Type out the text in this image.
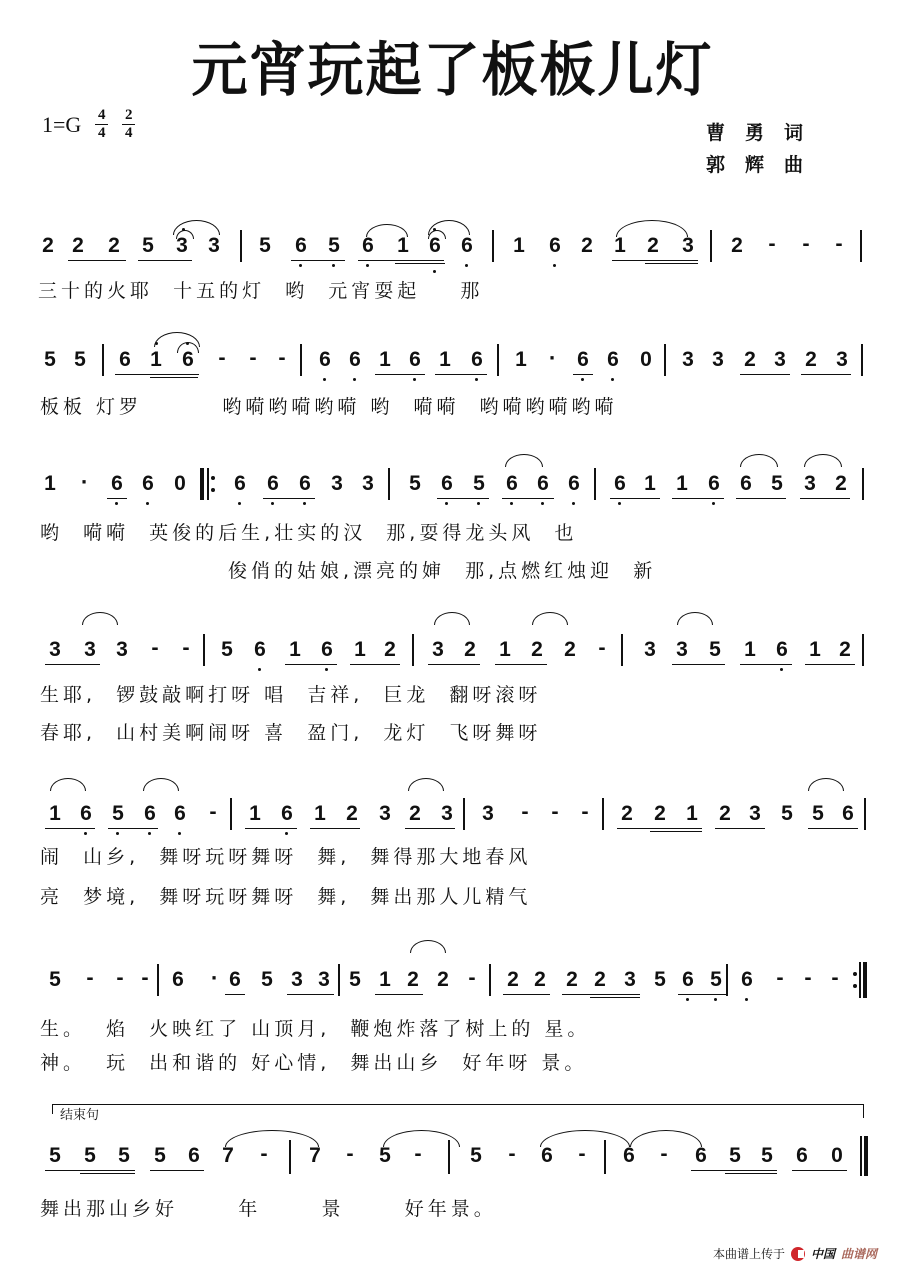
元宵玩起了板板儿灯
$1=G \frac{4}{4} \frac{2}{4}$	曹勇词
郭辉曲
2 2 2 5 3 3 5 6 5 6 1 6 6 1 6 2 1 2 3 2	-	-	-
三十的火耶  十五的灯  哟  元宵耍起    那
5 5 6 1 6	-	-	- 6 6 1 6 1 6 1	·	6 6 0 3 3 2 3 2 3
板板 灯罗        哟嗬哟嗬哟嗬 哟  嗬嗬  哟嗬哟嗬哟嗬
1	·	6 6 0 6 6 6 3 3 5 6 5 6 6 6 6 1 1 6 6 5 3 2
哟  嗬嗬  英俊的后生,壮实的汉  那,耍得龙头风  也
俊俏的姑娘,漂亮的婶  那,点燃红烛迎  新
3 3 3	-	- 5 6 1 6 1 2 3 2 1 2 2	- 3 3 5 1 6 1 2
生耶,  锣鼓敲啊打呀 唱  吉祥,  巨龙  翻呀滚呀
春耶,  山村美啊闹呀 喜  盈门,  龙灯  飞呀舞呀
1 6 5 6 6	- 1 6 1 2 3 2 3 3	-	-	- 2 2 1 2 3 5 5 6
闹  山乡,  舞呀玩呀舞呀  舞,  舞得那大地春风
亮  梦境,  舞呀玩呀舞呀  舞,  舞出那人儿精气
5	-	- - 6	· 6 5 3 3 5 1 2 2	- 2 2 2 2 3 5 6 5 6	-	-	-
生。  焰  火映红了 山顶月,  鞭炮炸落了树上的 星。
神。  玩  出和谐的 好心情,  舞出山乡  好年呀 景。
结束句
5 5 5 5 6 7	- 7	- 5	- 5	- 6	- 6	- 6 5 5 6 0
舞出那山乡好      年      景      好年景。
本曲谱上传于 中国 曲谱网
